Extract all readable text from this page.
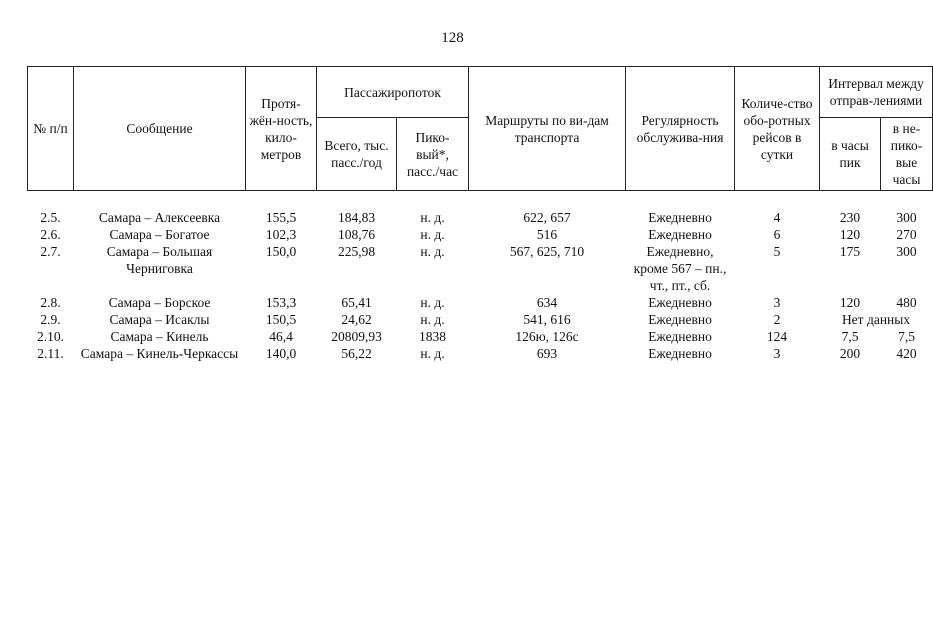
128
№ п/п	Сообщение	Протя-жён-ность, кило-метров	Пассажиропоток		Маршруты по ви-дам транспорта	Регулярность обслужива-ния	Количе-ство обо-ротных рейсов в сутки	Интервал между отправ-лениями	
			Всего, тыс. пасс./год	Пико-вый*, пасс./час				в часы пик	в не-пико-вые часы
2.5.	Самара – Алексеевка	155,5	184,83	н. д.	622, 657	Ежедневно	4	230	300
2.6.	Самара – Богатое	102,3	108,76	н. д.	516	Ежедневно	6	120	270
2.7.	Самара – Большая Черниговка	150,0	225,98	н. д.	567, 625, 710	Ежедневно, кроме 567 – пн., чт., пт., сб.	5	175	300
2.8.	Самара – Борское	153,3	65,41	н. д.	634	Ежедневно	3	120	480
2.9.	Самара – Исаклы	150,5	24,62	н. д.	541, 616	Ежедневно	2	Нет данных	
2.10.	Самара – Кинель	46,4	20809,93	1838	126ю, 126с	Ежедневно	124	7,5	7,5
2.11.	Самара – Кинель-Черкассы	140,0	56,22	н. д.	693	Ежедневно	3	200	420
